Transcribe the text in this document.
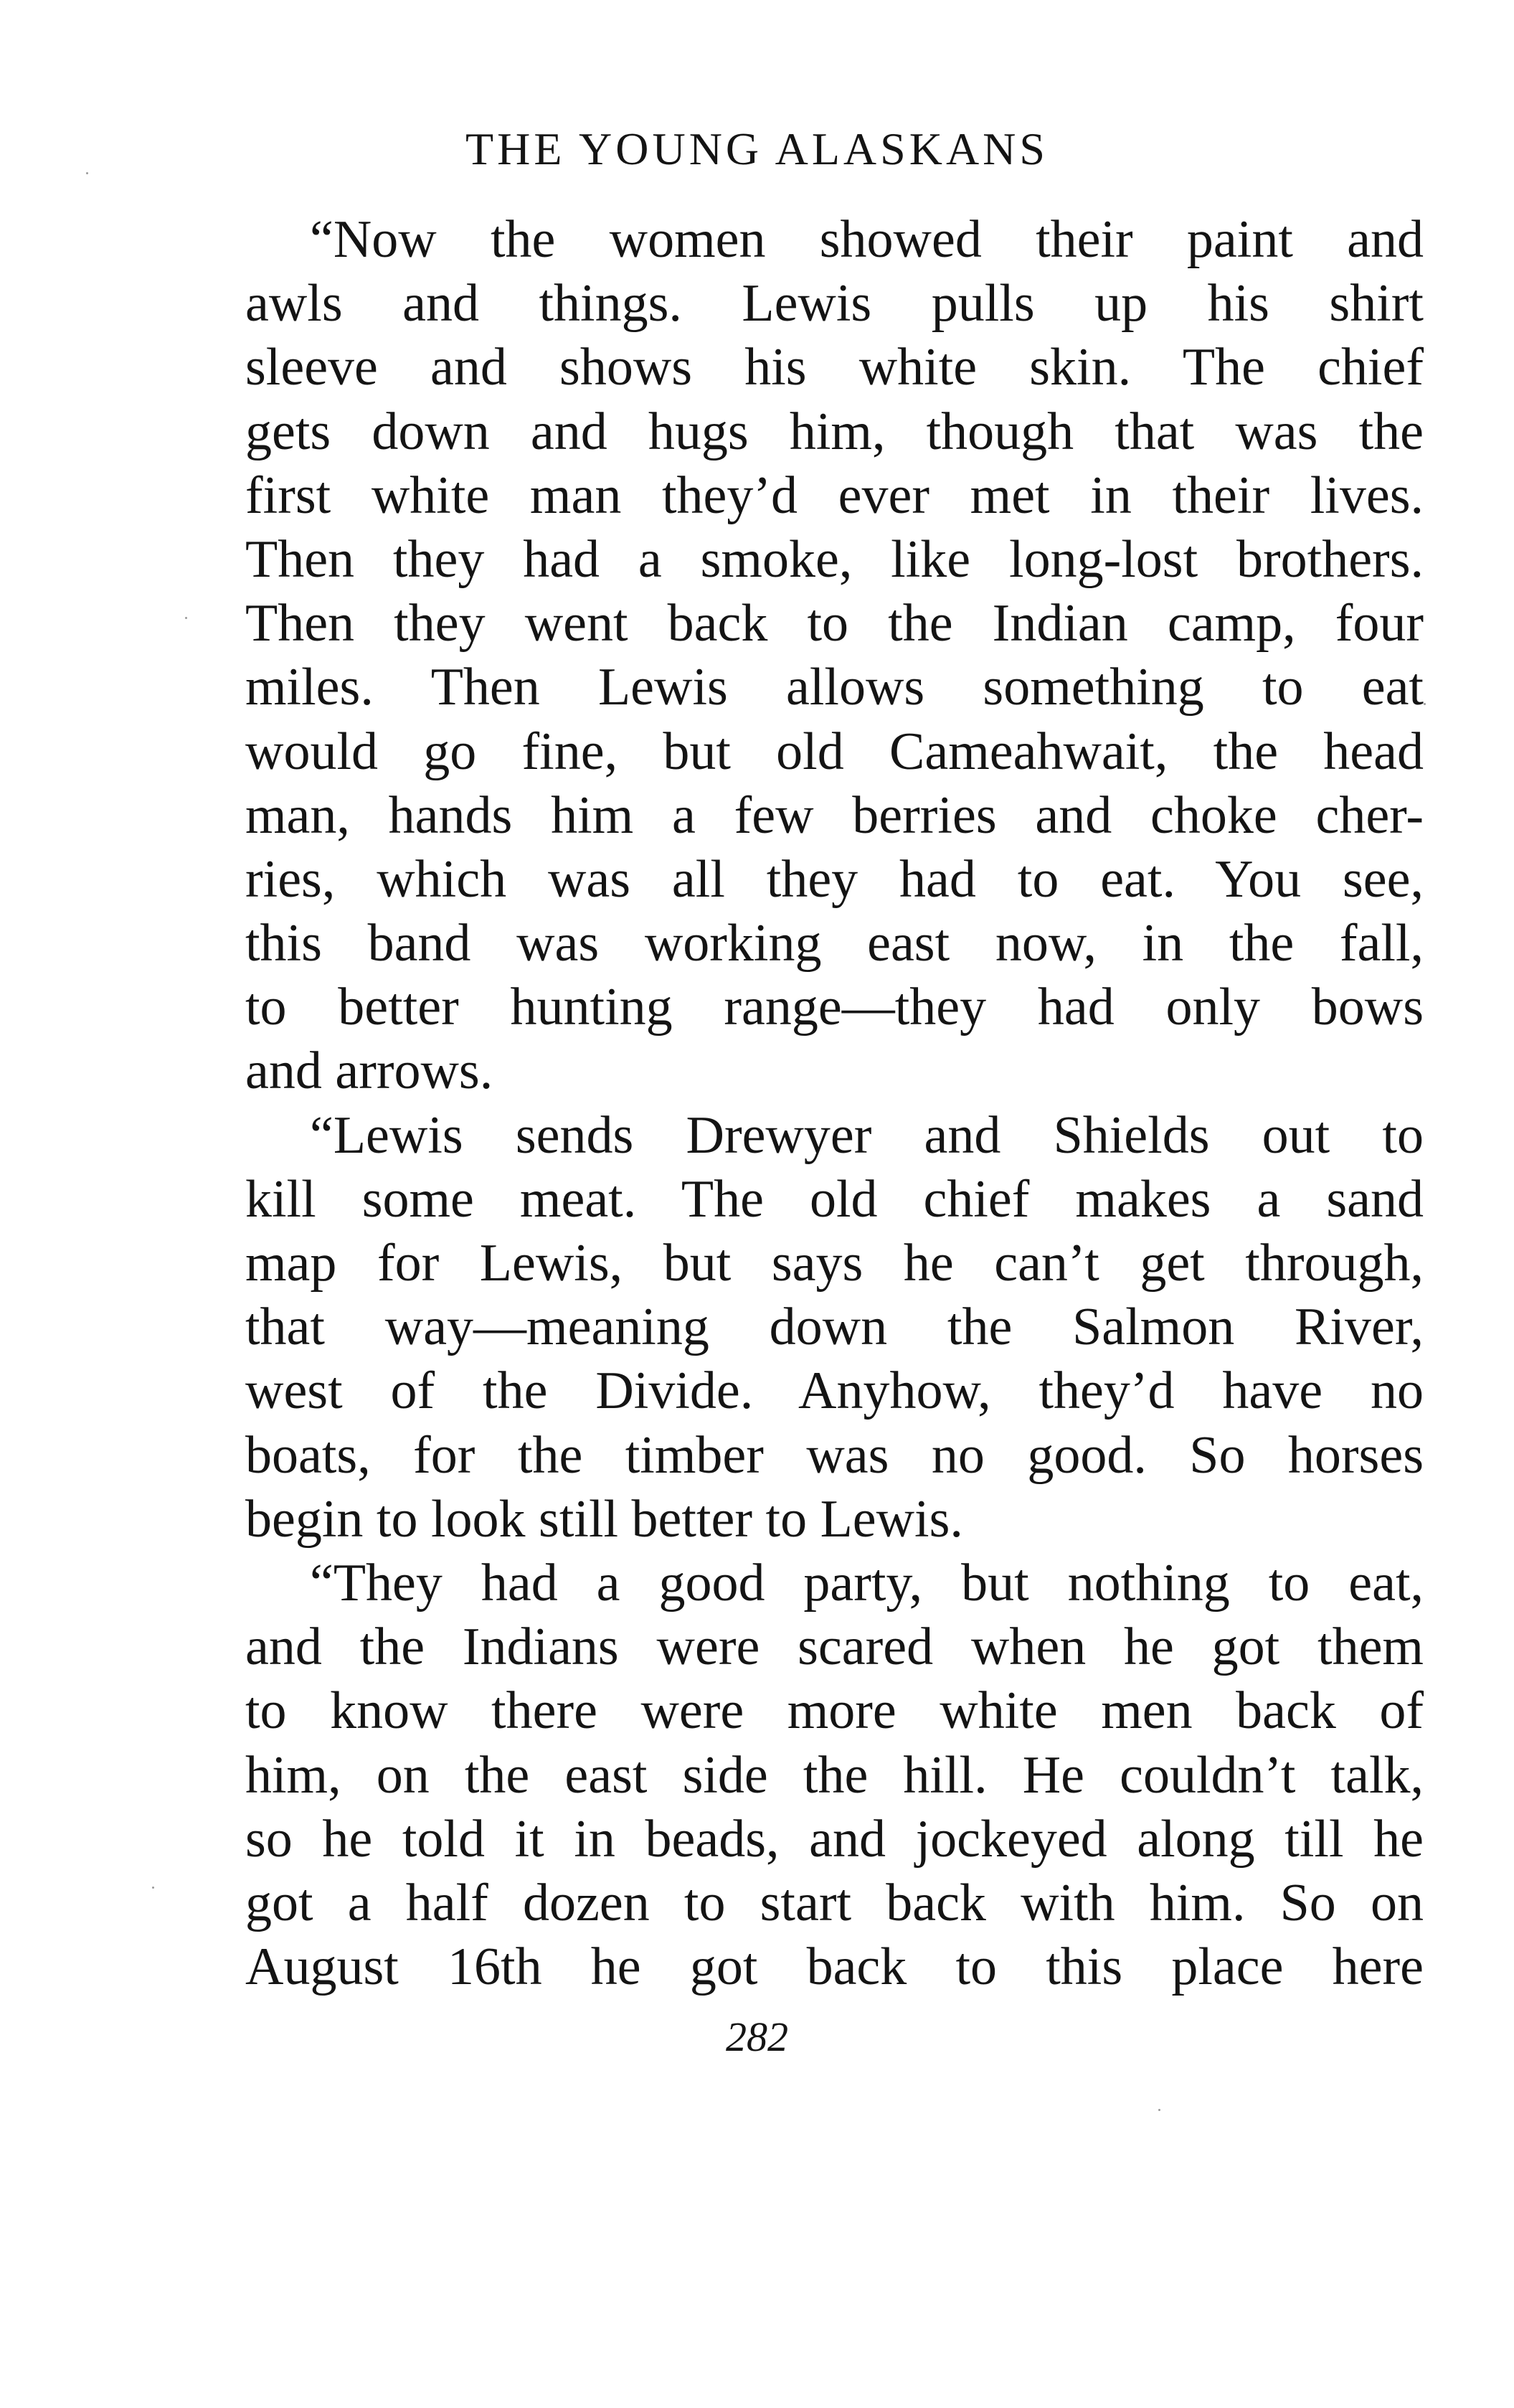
THE YOUNG ALASKANS
“Now the women showed their paint and
awls and things. Lewis pulls up his shirt
sleeve and shows his white skin. The chief
gets down and hugs him, though that was the
first white man they’d ever met in their lives.
Then they had a smoke, like long-lost brothers.
Then they went back to the Indian camp, four
miles. Then Lewis allows something to eat
would go fine, but old Cameahwait, the head
man, hands him a few berries and choke cher-
ries, which was all they had to eat. You see,
this band was working east now, in the fall,
to better hunting range—they had only bows
and arrows.
“Lewis sends Drewyer and Shields out to
kill some meat. The old chief makes a sand
map for Lewis, but says he can’t get through,
that way—meaning down the Salmon River,
west of the Divide. Anyhow, they’d have no
boats, for the timber was no good. So horses
begin to look still better to Lewis.
“They had a good party, but nothing to eat,
and the Indians were scared when he got them
to know there were more white men back of
him, on the east side the hill. He couldn’t talk,
so he told it in beads, and jockeyed along till he
got a half dozen to start back with him. So on
August 16th he got back to this place here
282
